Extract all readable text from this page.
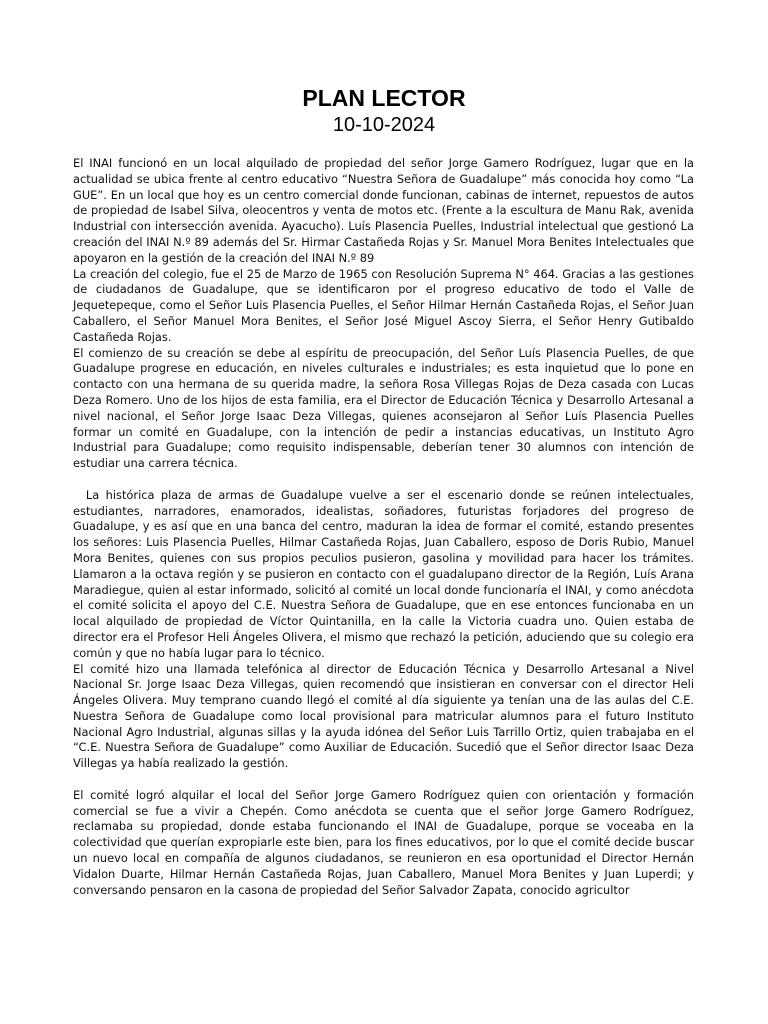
PLAN LECTOR
10-10-2024

El INAI funcionó en un local alquilado de propiedad del señor Jorge Gamero Rodríguez, lugar que en la actualidad se ubica frente al centro educativo “Nuestra Señora de Guadalupe” más conocida hoy como “La GUE”. En un local que hoy es un centro comercial donde funcionan, cabinas de internet, repuestos de autos de propiedad de Isabel Silva, oleocentros y venta de motos etc. (Frente a la escultura de Manu Rak, avenida Industrial con intersección avenida. Ayacucho). Luís Plasencia Puelles, Industrial intelectual que gestionó La creación del INAI N.º 89 además del Sr. Hirmar Castañeda Rojas y Sr. Manuel Mora Benites Intelectuales que apoyaron en la gestión de la creación del INAI N.º 89

La creación del colegio, fue el 25 de Marzo de 1965 con Resolución Suprema N° 464. Gracias a las gestiones de ciudadanos de Guadalupe, que se identificaron por el progreso educativo de todo el Valle de Jequetepeque, como el Señor Luis Plasencia Puelles, el Señor Hilmar Hernán Castañeda Rojas, el Señor Juan Caballero, el Señor Manuel Mora Benites, el Señor José Miguel Ascoy Sierra, el Señor Henry Gutibaldo Castañeda Rojas.

El comienzo de su creación se debe al espíritu de preocupación, del Señor Luís Plasencia Puelles, de que Guadalupe progrese en educación, en niveles culturales e industriales; es esta inquietud que lo pone en contacto con una hermana de su querida madre, la señora Rosa Villegas Rojas de Deza casada con Lucas Deza Romero. Uno de los hijos de esta familia, era el Director de Educación Técnica y Desarrollo Artesanal a nivel nacional, el Señor Jorge Isaac Deza Villegas, quienes aconsejaron al Señor Luís Plasencia Puelles formar un comité en Guadalupe, con la intención de pedir a instancias educativas, un Instituto Agro Industrial para Guadalupe; como requisito indispensable, deberían tener 30 alumnos con intención de estudiar una carrera técnica.

La histórica plaza de armas de Guadalupe vuelve a ser el escenario donde se reúnen intelectuales, estudiantes, narradores, enamorados, idealistas, soñadores, futuristas forjadores del progreso de Guadalupe, y es así que en una banca del centro, maduran la idea de formar el comité, estando presentes los señores: Luis Plasencia Puelles, Hilmar Castañeda Rojas, Juan Caballero, esposo de Doris Rubio, Manuel Mora Benites, quienes con sus propios peculios pusieron, gasolina y movilidad para hacer los trámites. Llamaron a la octava región y se pusieron en contacto con el guadalupano director de la Región, Luís Arana Maradiegue, quien al estar informado, solicitó al comité un local donde funcionaría el INAI, y como anécdota el comité solicita el apoyo del C.E. Nuestra Señora de Guadalupe, que en ese entonces funcionaba en un local alquilado de propiedad de Víctor Quintanilla, en la calle la Victoria cuadra uno. Quien estaba de director era el Profesor Heli Ángeles Olivera, el mismo que rechazó la petición, aduciendo que su colegio era común y que no había lugar para lo técnico.

El comité hizo una llamada telefónica al director de Educación Técnica y Desarrollo Artesanal a Nivel Nacional Sr. Jorge Isaac Deza Villegas, quien recomendó que insistieran en conversar con el director Heli Ángeles Olivera. Muy temprano cuando llegó el comité al día siguiente ya tenían una de las aulas del C.E. Nuestra Señora de Guadalupe como local provisional para matricular alumnos para el futuro Instituto Nacional Agro Industrial, algunas sillas y la ayuda idónea del Señor Luis Tarrillo Ortiz, quien trabajaba en el “C.E. Nuestra Señora de Guadalupe” como Auxiliar de Educación. Sucedió que el Señor director Isaac Deza Villegas ya había realizado la gestión.

El comité logró alquilar el local del Señor Jorge Gamero Rodríguez quien con orientación y formación comercial se fue a vivir a Chepén. Como anécdota se cuenta que el señor Jorge Gamero Rodríguez, reclamaba su propiedad, donde estaba funcionando el INAI de Guadalupe, porque se voceaba en la colectividad que querían expropiarle este bien, para los fines educativos, por lo que el comité decide buscar un nuevo local en compañía de algunos ciudadanos, se reunieron en esa oportunidad el Director Hernán Vidalon Duarte, Hilmar Hernán Castañeda Rojas, Juan Caballero, Manuel Mora Benites y Juan Luperdi; y conversando pensaron en la casona de propiedad del Señor Salvador Zapata, conocido agricultor
